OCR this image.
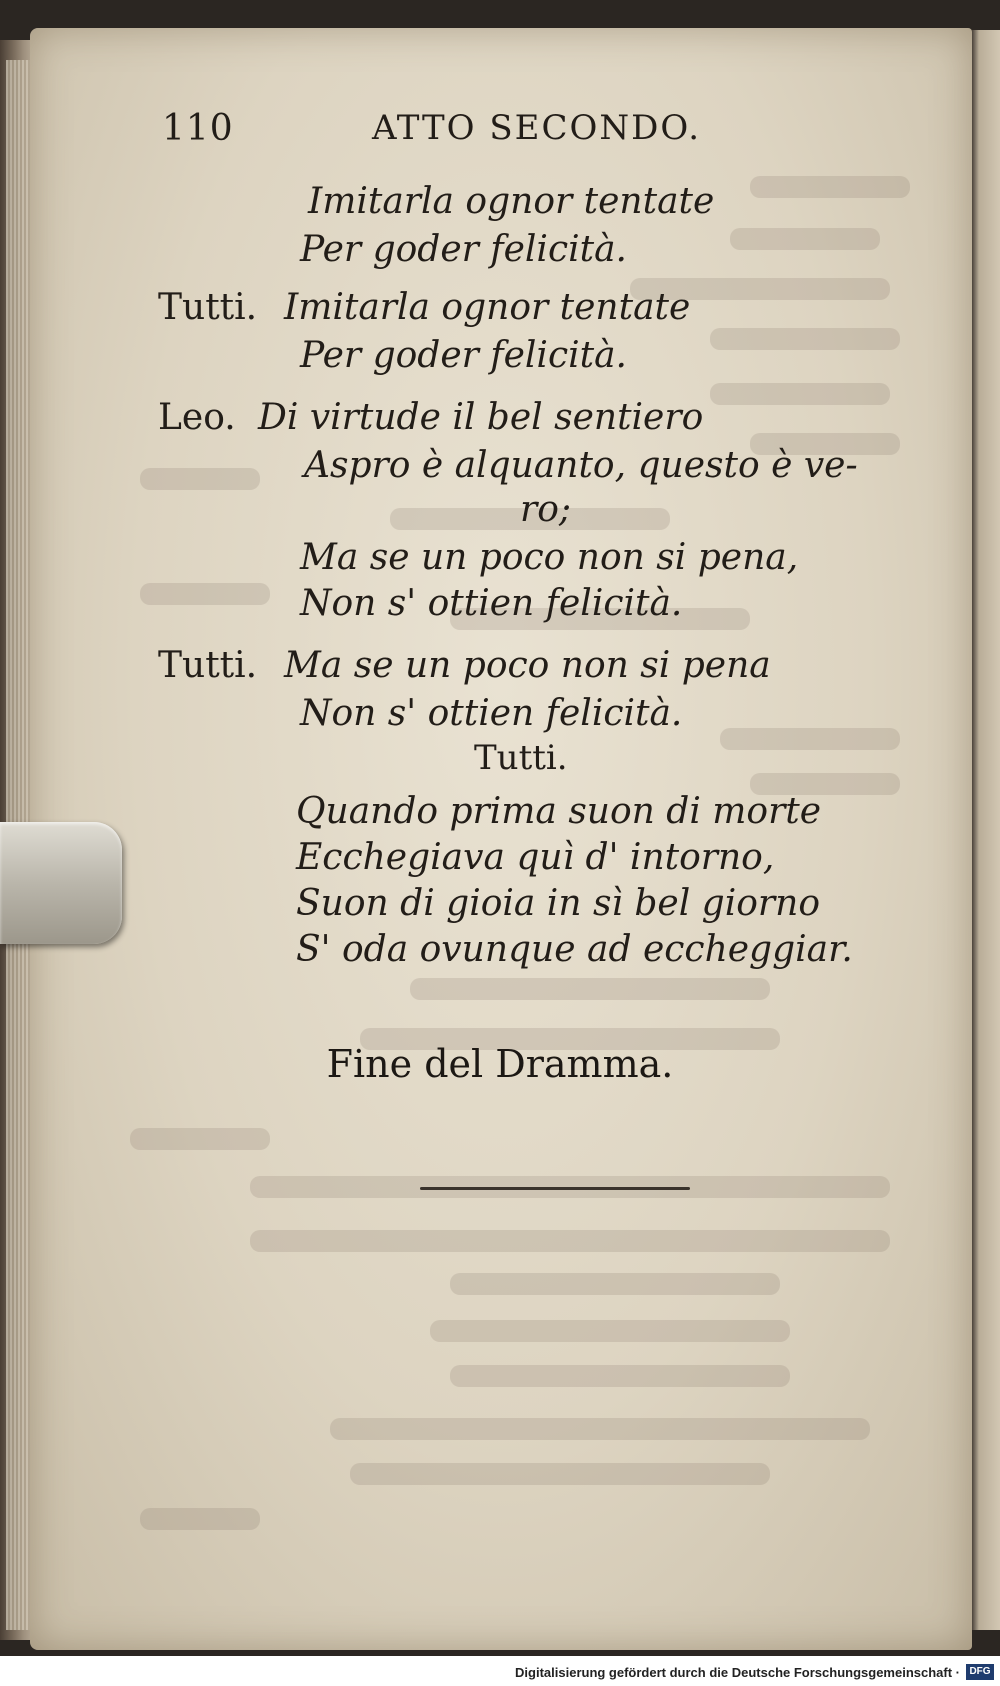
110	ATTO SECONDO.
Imitarla ognor tentate
Per goder felicità.
Tutti. Imitarla ognor tentate
Per goder felicità.
Leo. Di virtude il bel sentiero
Aspro è alquanto, questo è ve-
ro;
Ma se un poco non si pena,
Non s' ottien felicità.
Tutti. Ma se un poco non si pena
Non s' ottien felicità.
Tutti.
Quando prima suon di morte
Ecchegiava quì d' intorno,
Suon di gioia in sì bel giorno
S' oda ovunque ad eccheggiar.
Fine del Dramma.
Digitalisierung gefördert durch die Deutsche Forschungsgemeinschaft · DFG
